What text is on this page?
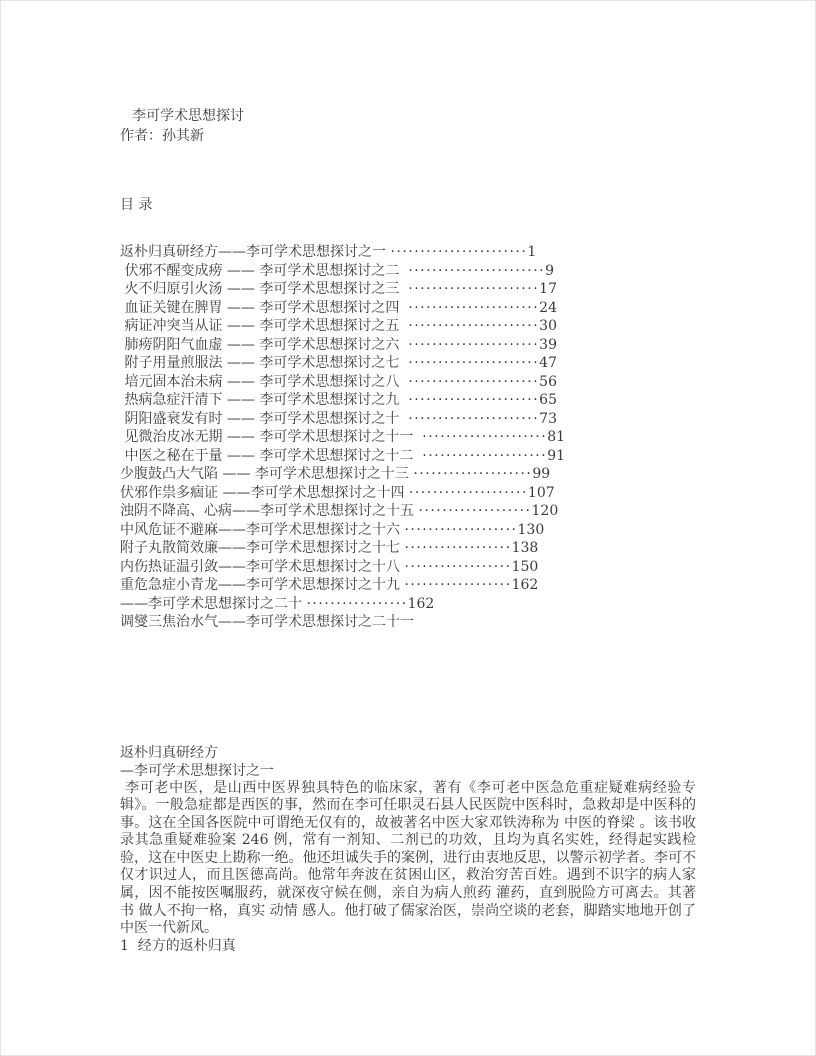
李可学术思想探讨
作者：孙其新
目 录
返朴归真研经方——李可学术思想探讨之一 ·······················1
伏邪不醒变成痨 —— 李可学术思想探讨之二  ·······················9
火不归原引火汤 —— 李可学术思想探讨之三  ······················17
血证关键在脾胃 —— 李可学术思想探讨之四  ······················24
病证冲突当从证 —— 李可学术思想探讨之五  ······················30
肺痨阴阳气血虚 —— 李可学术思想探讨之六  ······················39
附子用量煎服法 —— 李可学术思想探讨之七  ······················47
培元固本治未病 —— 李可学术思想探讨之八  ······················56
热病急症汗清下 —— 李可学术思想探讨之九  ······················65
阴阳盛衰发有时 —— 李可学术思想探讨之十  ······················73
见微治皮冰无期 —— 李可学术思想探讨之十一  ·····················81
中医之秘在于量 —— 李可学术思想探讨之十二  ·····················91
少腹鼓凸大气陷 —— 李可学术思想探讨之十三 ····················99
伏邪作祟多痼证 ——李可学术思想探讨之十四 ····················107
浊阴不降高、心病——李可学术思想探讨之十五 ···················120
中风危证不避麻——李可学术思想探讨之十六 ···················130
附子丸散简效廉——李可学术思想探讨之十七 ··················138
内伤热证温引敛——李可学术思想探讨之十八 ··················150
重危急症小青龙——李可学术思想探讨之十九 ··················162
——李可学术思想探讨之二十 ·················162
调燮三焦治水气——李可学术思想探讨之二十一
返朴归真研经方
—李可学术思想探讨之一

李可老中医，是山西中医界独具特色的临床家，著有《李可老中医急危重症疑难病经验专辑》。一般急症都是西医的事，然而在李可任职灵石县人民医院中医科时，急救却是中医科的事。这在全国各医院中可谓绝无仅有的，故被著名中医大家邓铁涛称为 中医的脊梁 。该书收录其急重疑难验案 246 例，常有一剂知、二剂已的功效，且均为真名实姓，经得起实践检验，这在中医史上勘称一绝。他还坦诚失手的案例，进行由衷地反思，以警示初学者。李可不仅才识过人，而且医德高尚。他常年奔波在贫困山区，救治穷苦百姓。遇到不识字的病人家属，因不能按医嘱服药，就深夜守候在侧，亲自为病人煎药 灌药，直到脱险方可离去。其著书 做人不拘一格，真实 动情 感人。他打破了儒家治医，崇尚空谈的老套，脚踏实地地开创了中医一代新风。

1  经方的返朴归真
